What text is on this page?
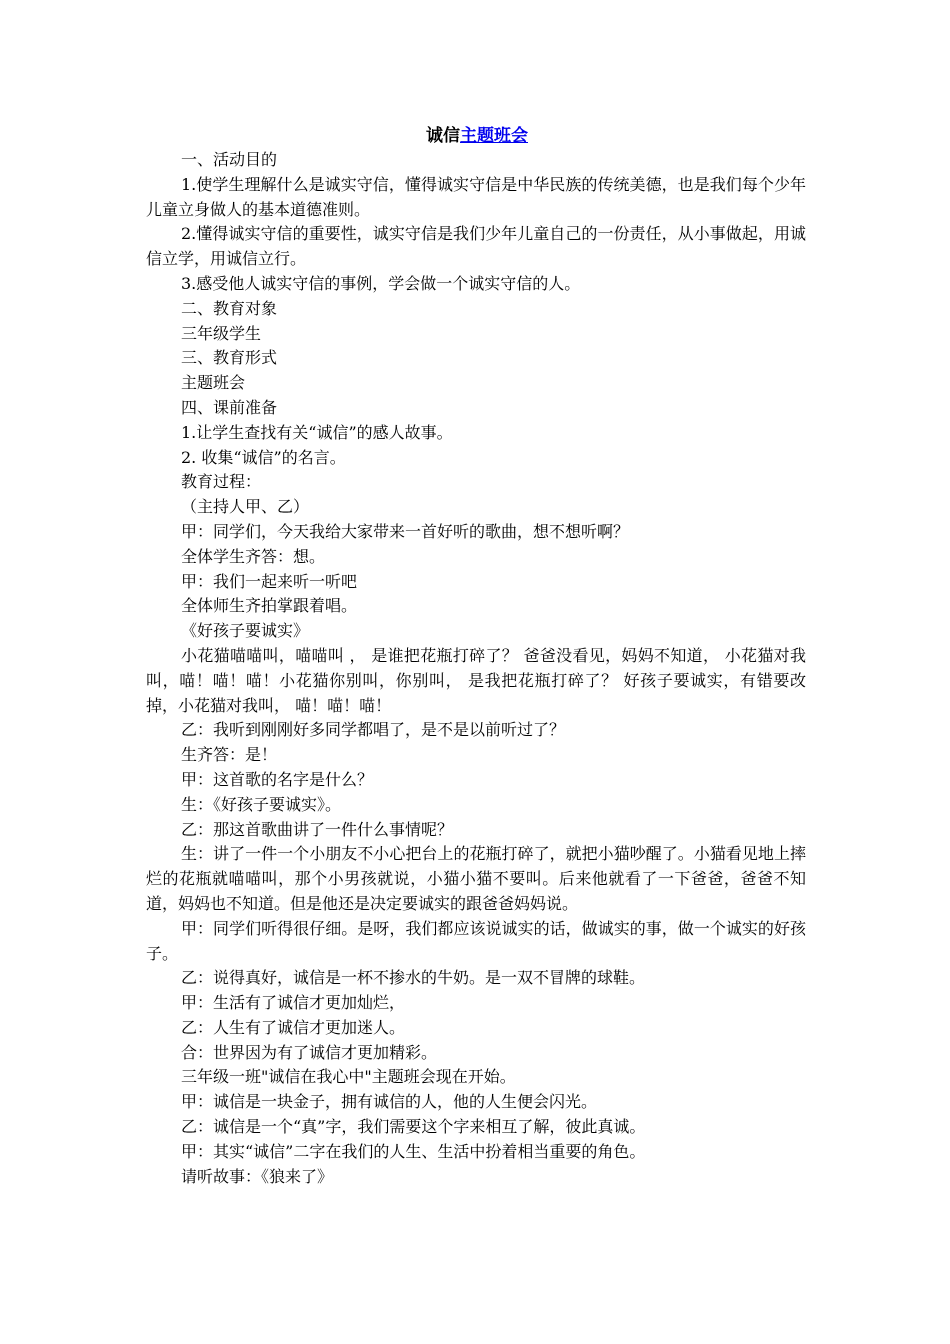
诚信主题班会

一、活动目的

1.使学生理解什么是诚实守信，懂得诚实守信是中华民族的传统美德，也是我们每个少年儿童立身做人的基本道德准则。

2.懂得诚实守信的重要性，诚实守信是我们少年儿童自己的一份责任，从小事做起，用诚信立学，用诚信立行。

3.感受他人诚实守信的事例，学会做一个诚实守信的人。

二、教育对象

三年级学生

三、教育形式

主题班会

四、课前准备

1.让学生查找有关“诚信”的感人故事。

2. 收集“诚信”的名言。

教育过程：

（主持人甲、乙）

甲：同学们，今天我给大家带来一首好听的歌曲，想不想听啊？

全体学生齐答：想。

甲：我们一起来听一听吧

全体师生齐拍掌跟着唱。

《好孩子要诚实》

小花猫喵喵叫，喵喵叫 ， 是谁把花瓶打碎了？ 爸爸没看见，妈妈不知道， 小花猫对我叫，喵！喵！喵！小花猫你别叫，你别叫， 是我把花瓶打碎了？ 好孩子要诚实，有错要改掉，小花猫对我叫， 喵！喵！喵！

乙：我听到刚刚好多同学都唱了，是不是以前听过了？

生齐答：是！

甲：这首歌的名字是什么？

生：《好孩子要诚实》。

乙：那这首歌曲讲了一件什么事情呢？

生：讲了一件一个小朋友不小心把台上的花瓶打碎了，就把小猫吵醒了。小猫看见地上摔烂的花瓶就喵喵叫，那个小男孩就说，小猫小猫不要叫。后来他就看了一下爸爸，爸爸不知道，妈妈也不知道。但是他还是决定要诚实的跟爸爸妈妈说。

甲：同学们听得很仔细。是呀，我们都应该说诚实的话，做诚实的事，做一个诚实的好孩子。

乙：说得真好，诚信是一杯不掺水的牛奶。是一双不冒牌的球鞋。

甲：生活有了诚信才更加灿烂，

乙：人生有了诚信才更加迷人。

合：世界因为有了诚信才更加精彩。

三年级一班"诚信在我心中"主题班会现在开始。

甲：诚信是一块金子，拥有诚信的人，他的人生便会闪光。

乙：诚信是一个“真”字，我们需要这个字来相互了解，彼此真诚。

甲：其实“诚信”二字在我们的人生、生活中扮着相当重要的角色。

请听故事：《狼来了》
